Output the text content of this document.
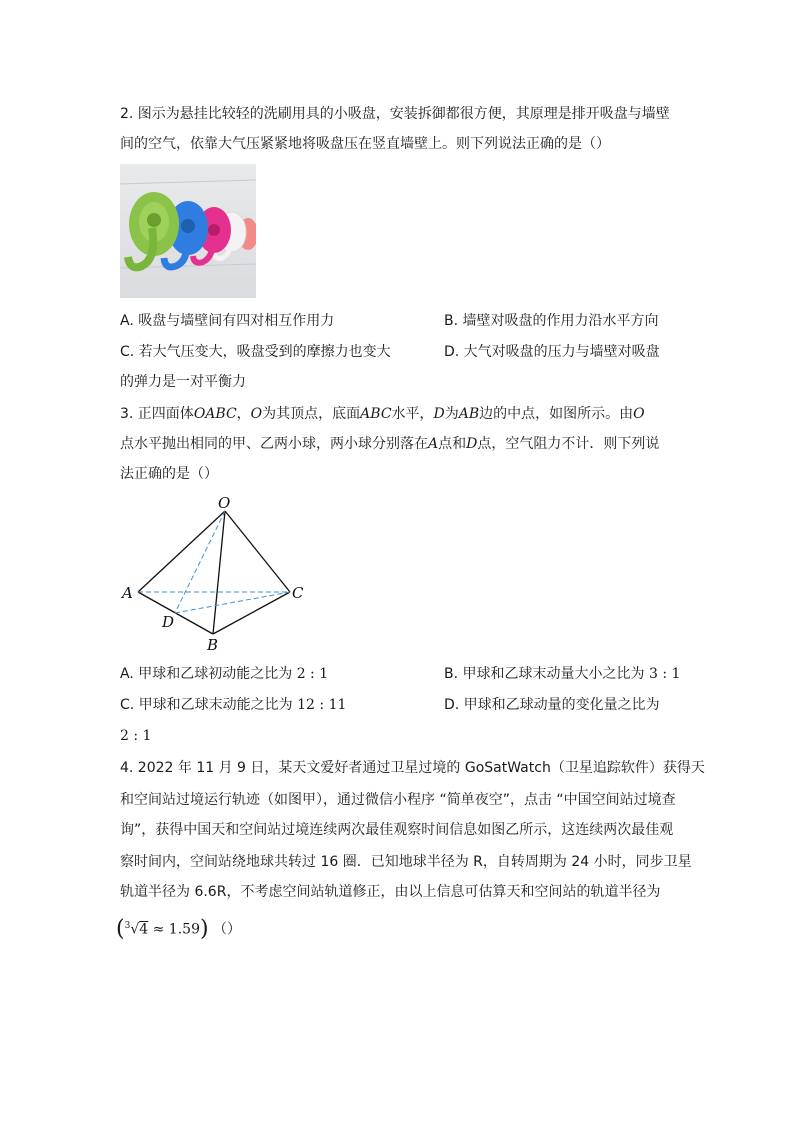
2. 图示为悬挂比较轻的洗刷用具的小吸盘，安装拆御都很方便，其原理是排开吸盘与墙壁
间的空气，依靠大气压紧紧地将吸盘压在竖直墙壁上。则下列说法正确的是（）
A. 吸盘与墙壁间有四对相互作用力	B. 墙壁对吸盘的作用力沿水平方向
C. 若大气压变大，吸盘受到的摩擦力也变大	D. 大气对吸盘的压力与墙壁对吸盘
的弹力是一对平衡力
3. 正四面体OABC，O为其顶点，底面ABC水平，D为AB边的中点，如图所示。由O
点水平抛出相同的甲、乙两小球，两小球分别落在A点和D点，空气阻力不计．则下列说
法正确的是（）
O
A	C
D
B
A. 甲球和乙球初动能之比为 2 : 1	B. 甲球和乙球末动量大小之比为 3 : 1
C. 甲球和乙球末动能之比为 12 : 11	D. 甲球和乙球动量的变化量之比为
2 : 1
4. 2022 年 11 月 9 日，某天文爱好者通过卫星过境的 GoSatWatch（卫星追踪软件）获得天
和空间站过境运行轨迹（如图甲），通过微信小程序 “简单夜空”，点击 “中国空间站过境查
询”，获得中国天和空间站过境连续两次最佳观察时间信息如图乙所示，这连续两次最佳观
察时间内，空间站绕地球共转过 16 圈．已知地球半径为 R，自转周期为 24 小时，同步卫星
轨道半径为 6.6R，不考虑空间站轨道修正，由以上信息可估算天和空间站的轨道半径为
($^3$√4 ≈ 1.59) （）
